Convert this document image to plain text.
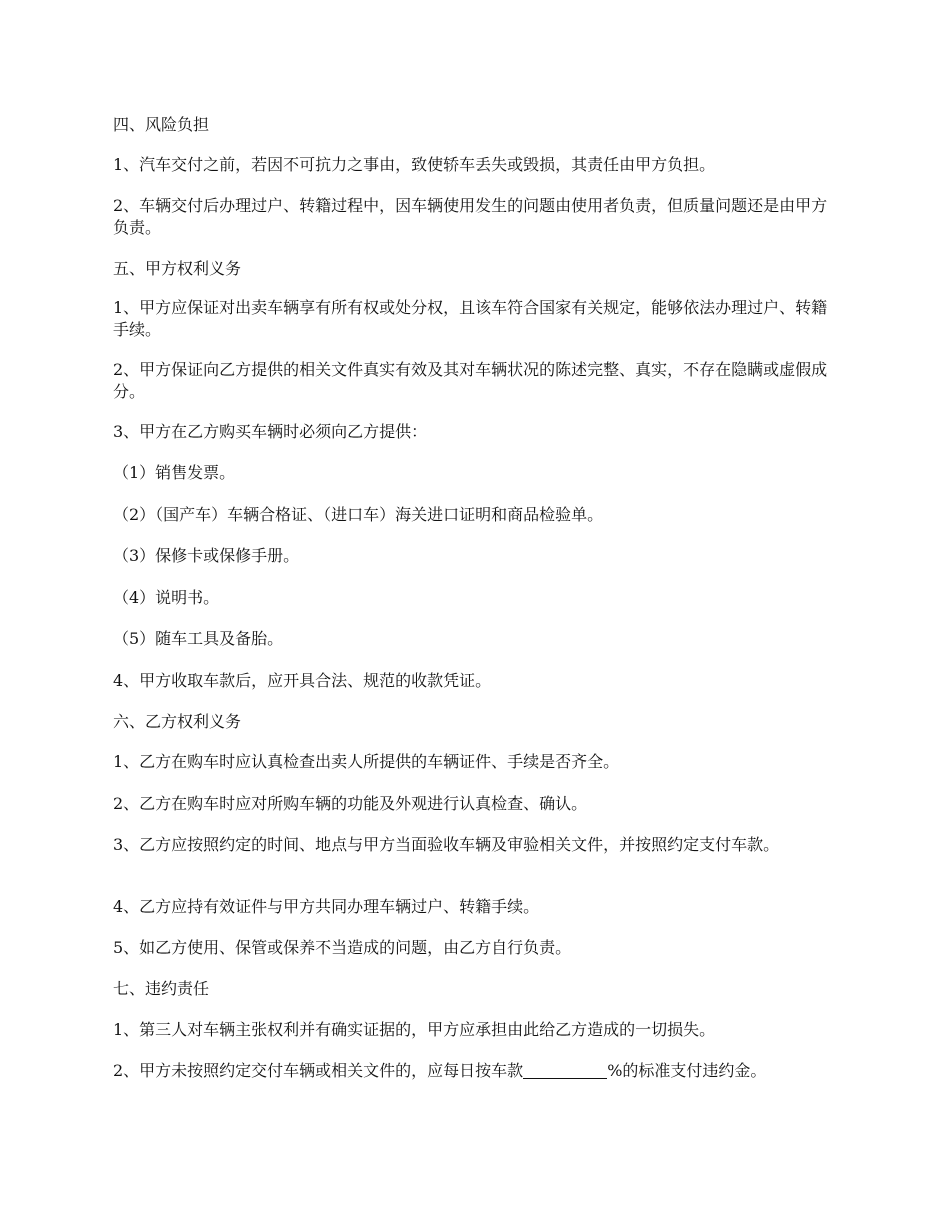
四、风险负担

1、汽车交付之前，若因不可抗力之事由，致使轿车丢失或毁损，其责任由甲方负担。

2、车辆交付后办理过户、转籍过程中，因车辆使用发生的问题由使用者负责，但质量问题还是由甲方负责。

五、甲方权利义务

1、甲方应保证对出卖车辆享有所有权或处分权，且该车符合国家有关规定，能够依法办理过户、转籍手续。

2、甲方保证向乙方提供的相关文件真实有效及其对车辆状况的陈述完整、真实，不存在隐瞒或虚假成分。

3、甲方在乙方购买车辆时必须向乙方提供：

（1）销售发票。

（2）（国产车）车辆合格证、（进口车）海关进口证明和商品检验单。

（3）保修卡或保修手册。

（4）说明书。

（5）随车工具及备胎。

4、甲方收取车款后，应开具合法、规范的收款凭证。

六、乙方权利义务

1、乙方在购车时应认真检查出卖人所提供的车辆证件、手续是否齐全。

2、乙方在购车时应对所购车辆的功能及外观进行认真检查、确认。

3、乙方应按照约定的时间、地点与甲方当面验收车辆及审验相关文件，并按照约定支付车款。

4、乙方应持有效证件与甲方共同办理车辆过户、转籍手续。

5、如乙方使用、保管或保养不当造成的问题，由乙方自行负责。

七、违约责任

1、第三人对车辆主张权利并有确实证据的，甲方应承担由此给乙方造成的一切损失。

2、甲方未按照约定交付车辆或相关文件的，应每日按车款	%的标准支付违约金。
